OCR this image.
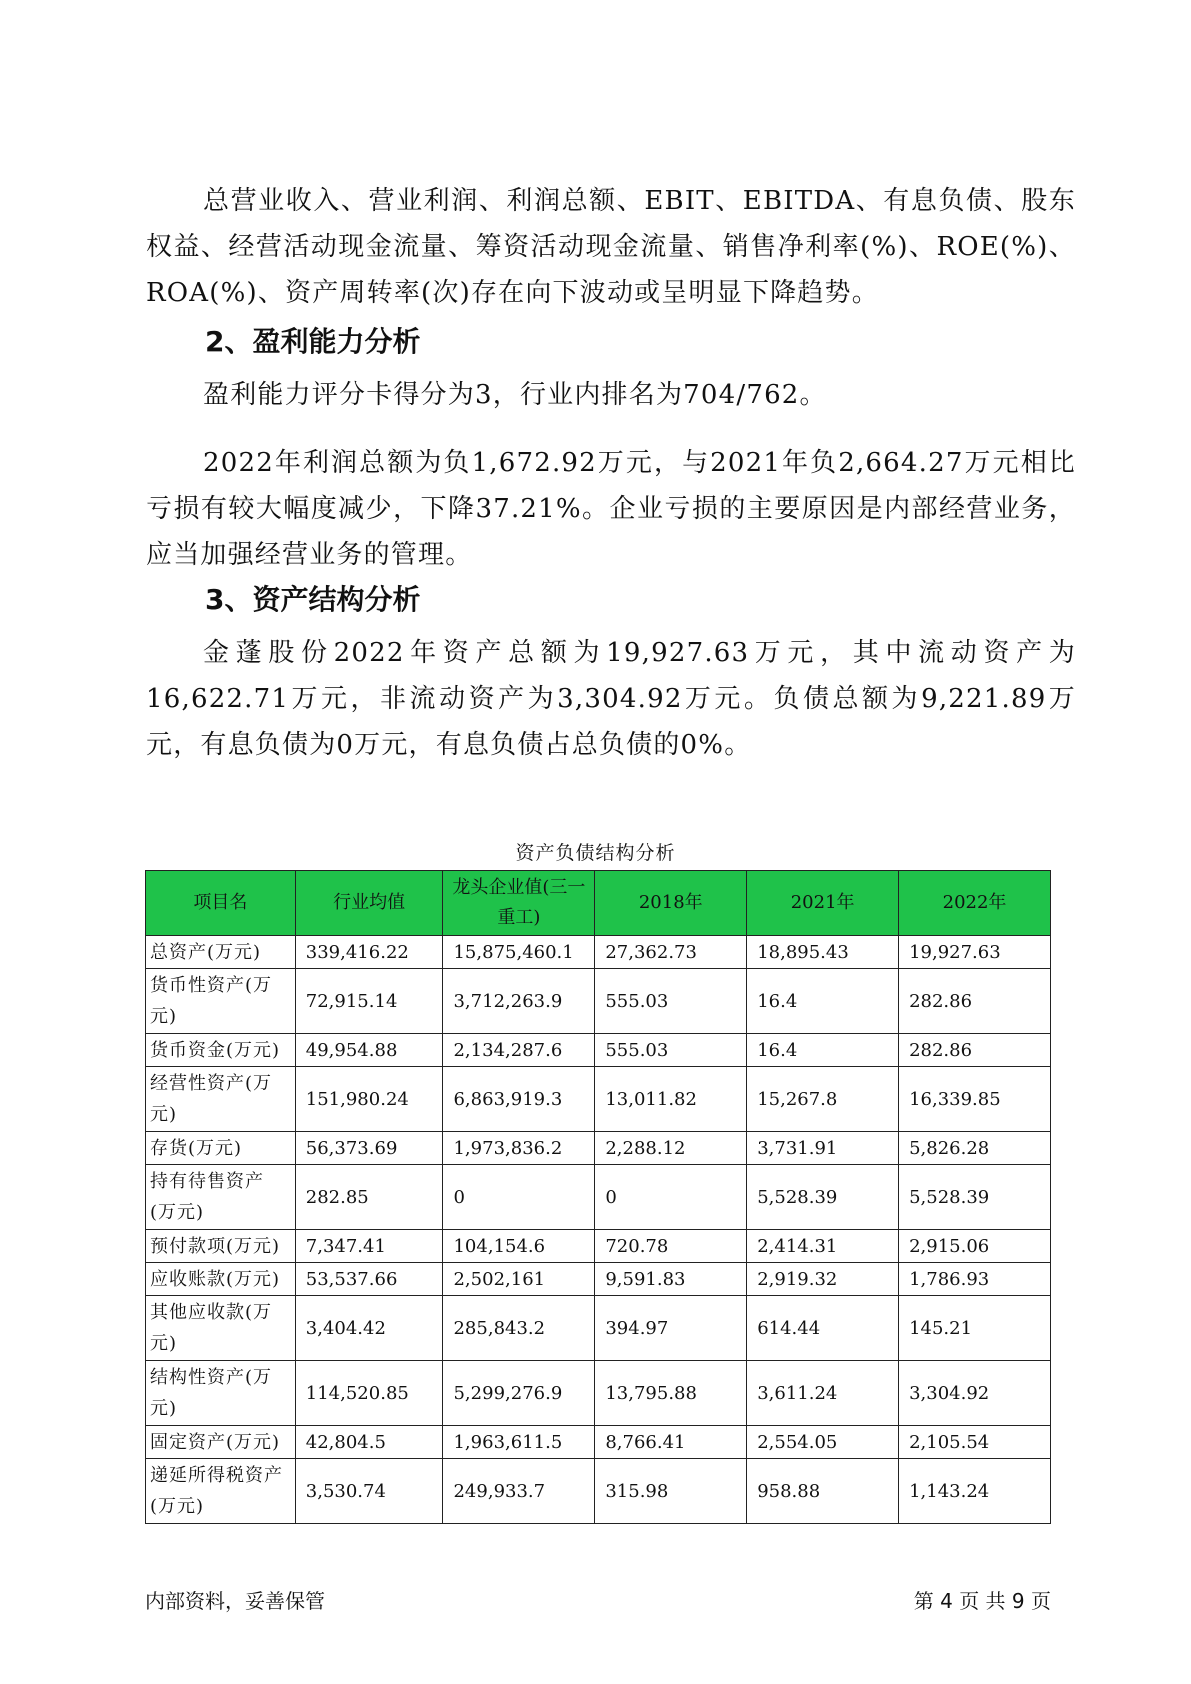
总营业收入、营业利润、利润总额、EBIT、EBITDA、有息负债、股东权益、经营活动现金流量、筹资活动现金流量、销售净利率(%)、ROE(%)、ROA(%)、资产周转率(次)存在向下波动或呈明显下降趋势。

2、盈利能力分析

盈利能力评分卡得分为3，行业内排名为704/762。

2022年利润总额为负1,672.92万元，与2021年负2,664.27万元相比亏损有较大幅度减少，下降37.21%。企业亏损的主要原因是内部经营业务，应当加强经营业务的管理。

3、资产结构分析

金蓬股份2022年资产总额为19,927.63万元，其中流动资产为16,622.71万元，非流动资产为3,304.92万元。负债总额为9,221.89万元，有息负债为0万元，有息负债占总负债的0%。

资产负债结构分析
项目名	行业均值	龙头企业值(三一重工)	2018年	2021年	2022年
总资产(万元)	339,416.22	15,875,460.1	27,362.73	18,895.43	19,927.63
货币性资产(万元)	72,915.14	3,712,263.9	555.03	16.4	282.86
货币资金(万元)	49,954.88	2,134,287.6	555.03	16.4	282.86
经营性资产(万元)	151,980.24	6,863,919.3	13,011.82	15,267.8	16,339.85
存货(万元)	56,373.69	1,973,836.2	2,288.12	3,731.91	5,826.28
持有待售资产(万元)	282.85	0	0	5,528.39	5,528.39
预付款项(万元)	7,347.41	104,154.6	720.78	2,414.31	2,915.06
应收账款(万元)	53,537.66	2,502,161	9,591.83	2,919.32	1,786.93
其他应收款(万元)	3,404.42	285,843.2	394.97	614.44	145.21
结构性资产(万元)	114,520.85	5,299,276.9	13,795.88	3,611.24	3,304.92
固定资产(万元)	42,804.5	1,963,611.5	8,766.41	2,554.05	2,105.54
递延所得税资产(万元)	3,530.74	249,933.7	315.98	958.88	1,143.24
内部资料，妥善保管	第 4 页 共 9 页
